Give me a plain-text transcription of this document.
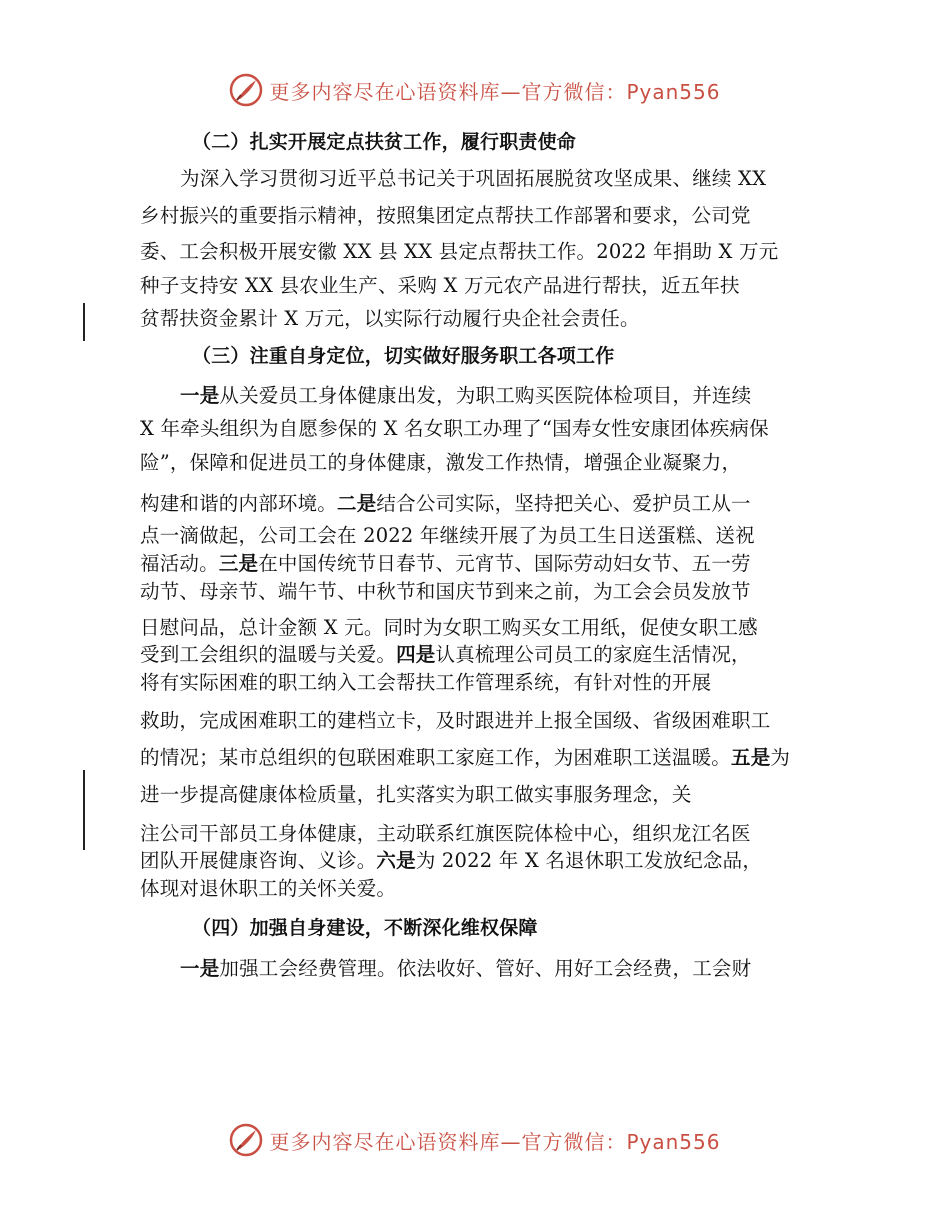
更多内容尽在心语资料库—官方微信：Pyan556
（二）扎实开展定点扶贫工作，履行职责使命
为深入学习贯彻习近平总书记关于巩固拓展脱贫攻坚成果、继续 XX
乡村振兴的重要指示精神，按照集团定点帮扶工作部署和要求，公司党
委、工会积极开展安徽 XX 县 XX 县定点帮扶工作。2022 年捐助 X 万元
种子支持安 XX 县农业生产、采购 X 万元农产品进行帮扶，近五年扶
贫帮扶资金累计 X 万元，以实际行动履行央企社会责任。
（三）注重自身定位，切实做好服务职工各项工作
一是从关爱员工身体健康出发，为职工购买医院体检项目，并连续
X 年牵头组织为自愿参保的 X 名女职工办理了“国寿女性安康团体疾病保
险”，保障和促进员工的身体健康，激发工作热情，增强企业凝聚力，
构建和谐的内部环境。二是结合公司实际，坚持把关心、爱护员工从一
点一滴做起，公司工会在 2022 年继续开展了为员工生日送蛋糕、送祝
福活动。三是在中国传统节日春节、元宵节、国际劳动妇女节、五一劳
动节、母亲节、端午节、中秋节和国庆节到来之前，为工会会员发放节
日慰问品，总计金额 X 元。同时为女职工购买女工用纸，促使女职工感
受到工会组织的温暖与关爱。四是认真梳理公司员工的家庭生活情况，
将有实际困难的职工纳入工会帮扶工作管理系统，有针对性的开展
救助，完成困难职工的建档立卡，及时跟进并上报全国级、省级困难职工
的情况；某市总组织的包联困难职工家庭工作，为困难职工送温暖。五是为
进一步提高健康体检质量，扎实落实为职工做实事服务理念，关
注公司干部员工身体健康，主动联系红旗医院体检中心，组织龙江名医
团队开展健康咨询、义诊。六是为 2022 年 X 名退休职工发放纪念品，
体现对退休职工的关怀关爱。
（四）加强自身建设，不断深化维权保障
一是加强工会经费管理。依法收好、管好、用好工会经费，工会财
更多内容尽在心语资料库—官方微信：Pyan556
